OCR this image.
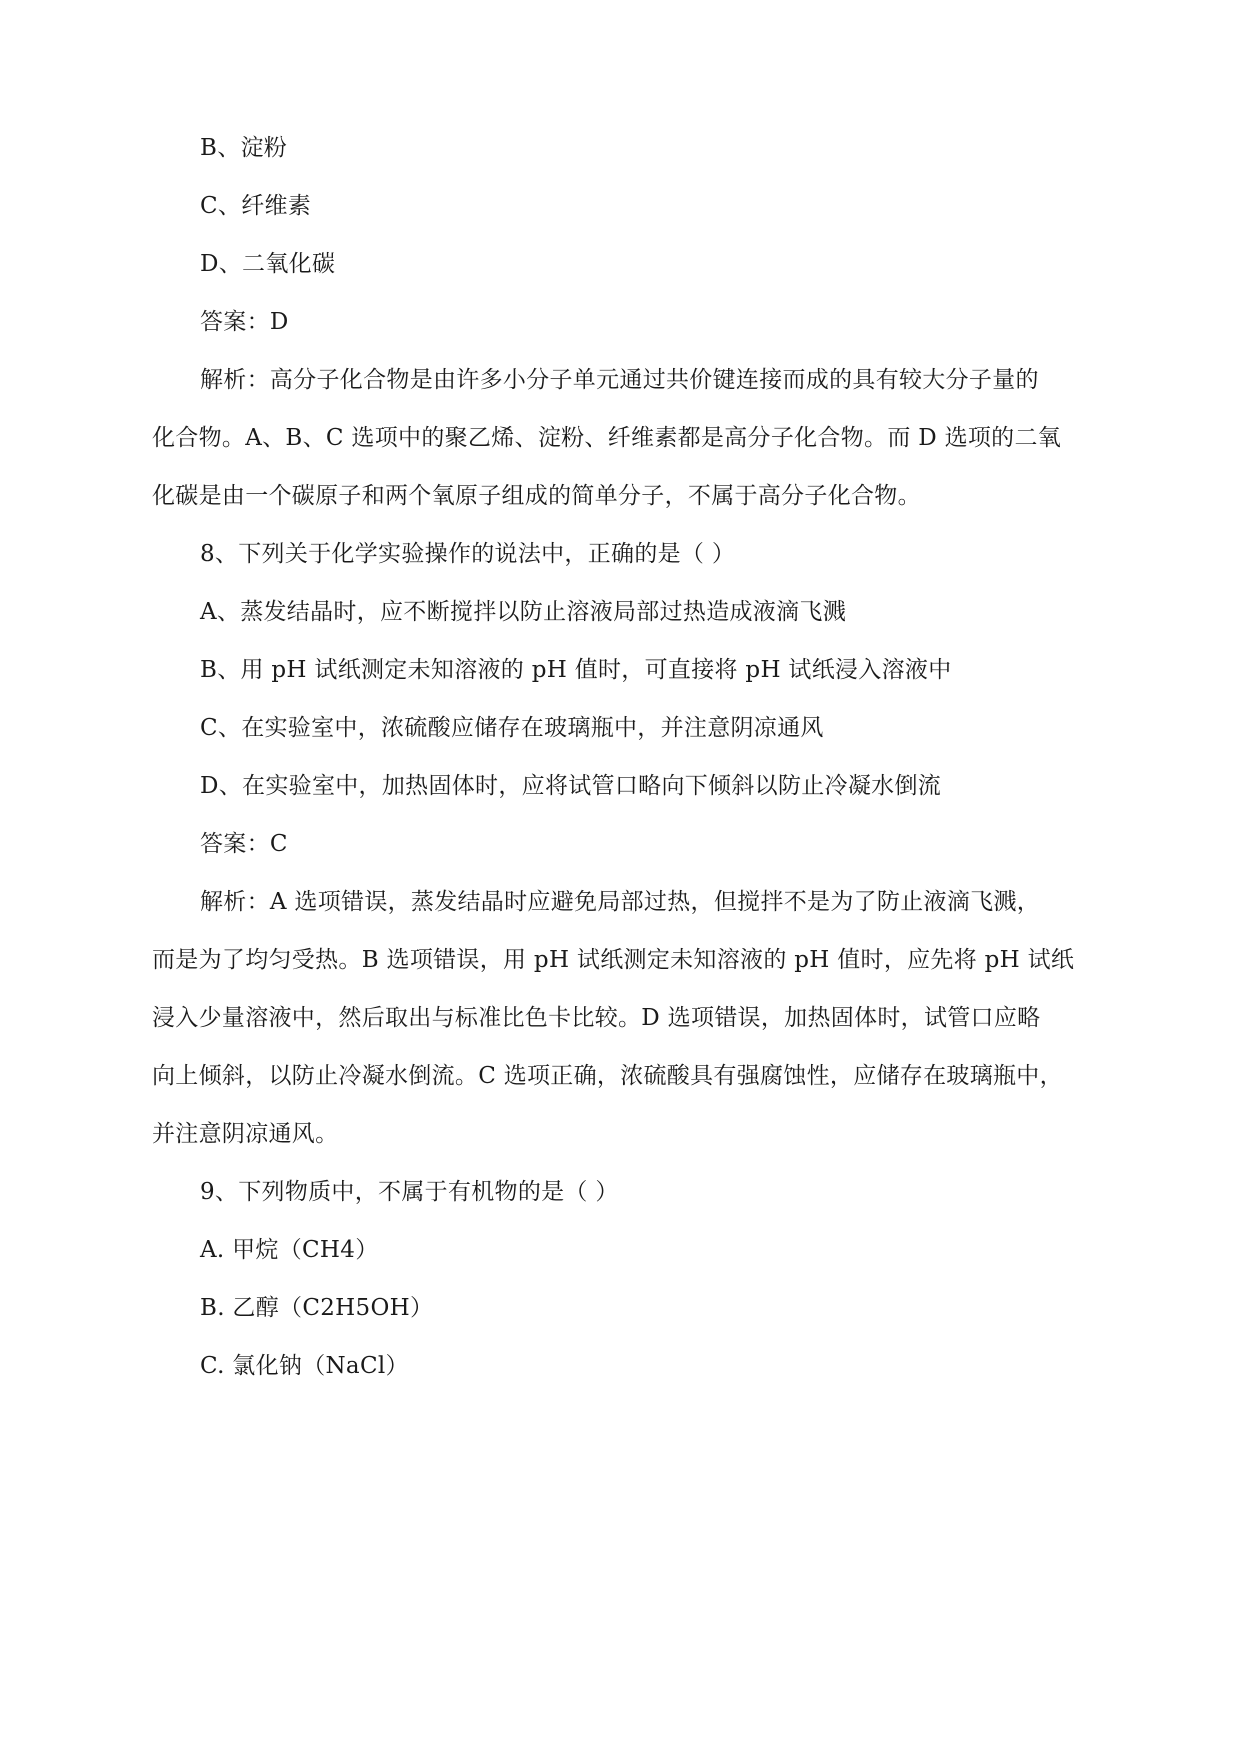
B、淀粉
C、纤维素
D、二氧化碳
答案：D
解析：高分子化合物是由许多小分子单元通过共价键连接而成的具有较大分子量的
化合物。A、B、C 选项中的聚乙烯、淀粉、纤维素都是高分子化合物。而 D 选项的二氧
化碳是由一个碳原子和两个氧原子组成的简单分子，不属于高分子化合物。
8、下列关于化学实验操作的说法中，正确的是（ ）
A、蒸发结晶时，应不断搅拌以防止溶液局部过热造成液滴飞溅
B、用 pH 试纸测定未知溶液的 pH 值时，可直接将 pH 试纸浸入溶液中
C、在实验室中，浓硫酸应储存在玻璃瓶中，并注意阴凉通风
D、在实验室中，加热固体时，应将试管口略向下倾斜以防止冷凝水倒流
答案：C
解析：A 选项错误，蒸发结晶时应避免局部过热，但搅拌不是为了防止液滴飞溅，
而是为了均匀受热。B 选项错误，用 pH 试纸测定未知溶液的 pH 值时，应先将 pH 试纸
浸入少量溶液中，然后取出与标准比色卡比较。D 选项错误，加热固体时，试管口应略
向上倾斜，以防止冷凝水倒流。C 选项正确，浓硫酸具有强腐蚀性，应储存在玻璃瓶中，
并注意阴凉通风。
9、下列物质中，不属于有机物的是（ ）
A. 甲烷（CH4）
B. 乙醇（C2H5OH）
C. 氯化钠（NaCl）
